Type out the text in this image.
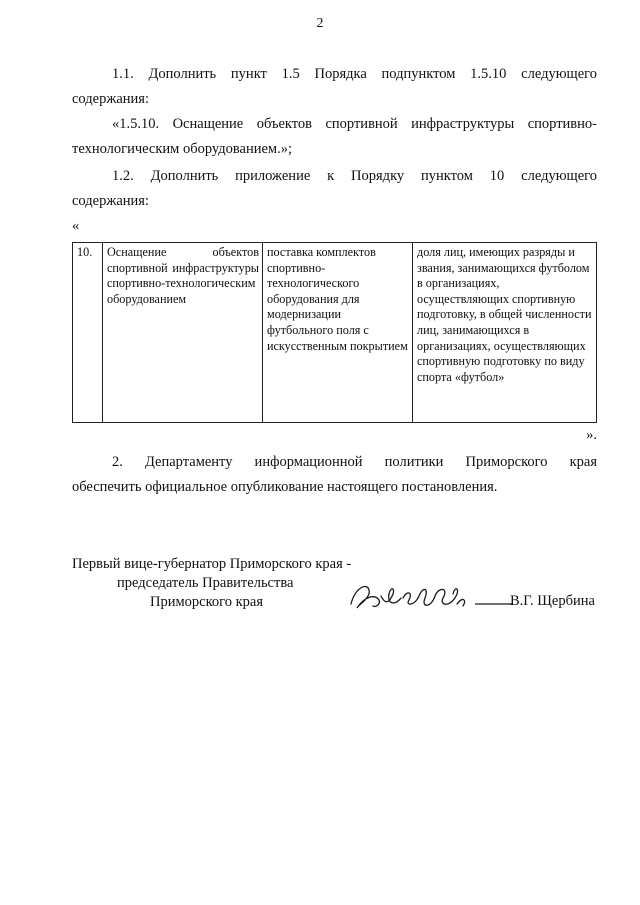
2
1.1. Дополнить пункт 1.5 Порядка подпунктом 1.5.10 следующего
содержания:
«1.5.10. Оснащение объектов спортивной инфраструктуры спортивно-
технологическим оборудованием.»;
1.2. Дополнить приложение к Порядку пунктом 10 следующего
содержания:
«
10.	Оснащение объектов спортивной инфраструктуры спортивно-технологическим оборудованием	поставка комплектов спортивно-технологического оборудования для модернизации футбольного поля с искусственным покрытием	доля лиц, имеющих разряды и звания, занимающихся футболом в организациях, осуществляющих спортивную подготовку, в общей численности лиц, занимающихся в организациях, осуществляющих спортивную подготовку по виду спорта «футбол»
».
2. Департаменту информационной политики Приморского края
обеспечить официальное опубликование настоящего постановления.
Первый вице-губернатор Приморского края -
председатель Правительства
Приморского края	В.Г. Щербина
